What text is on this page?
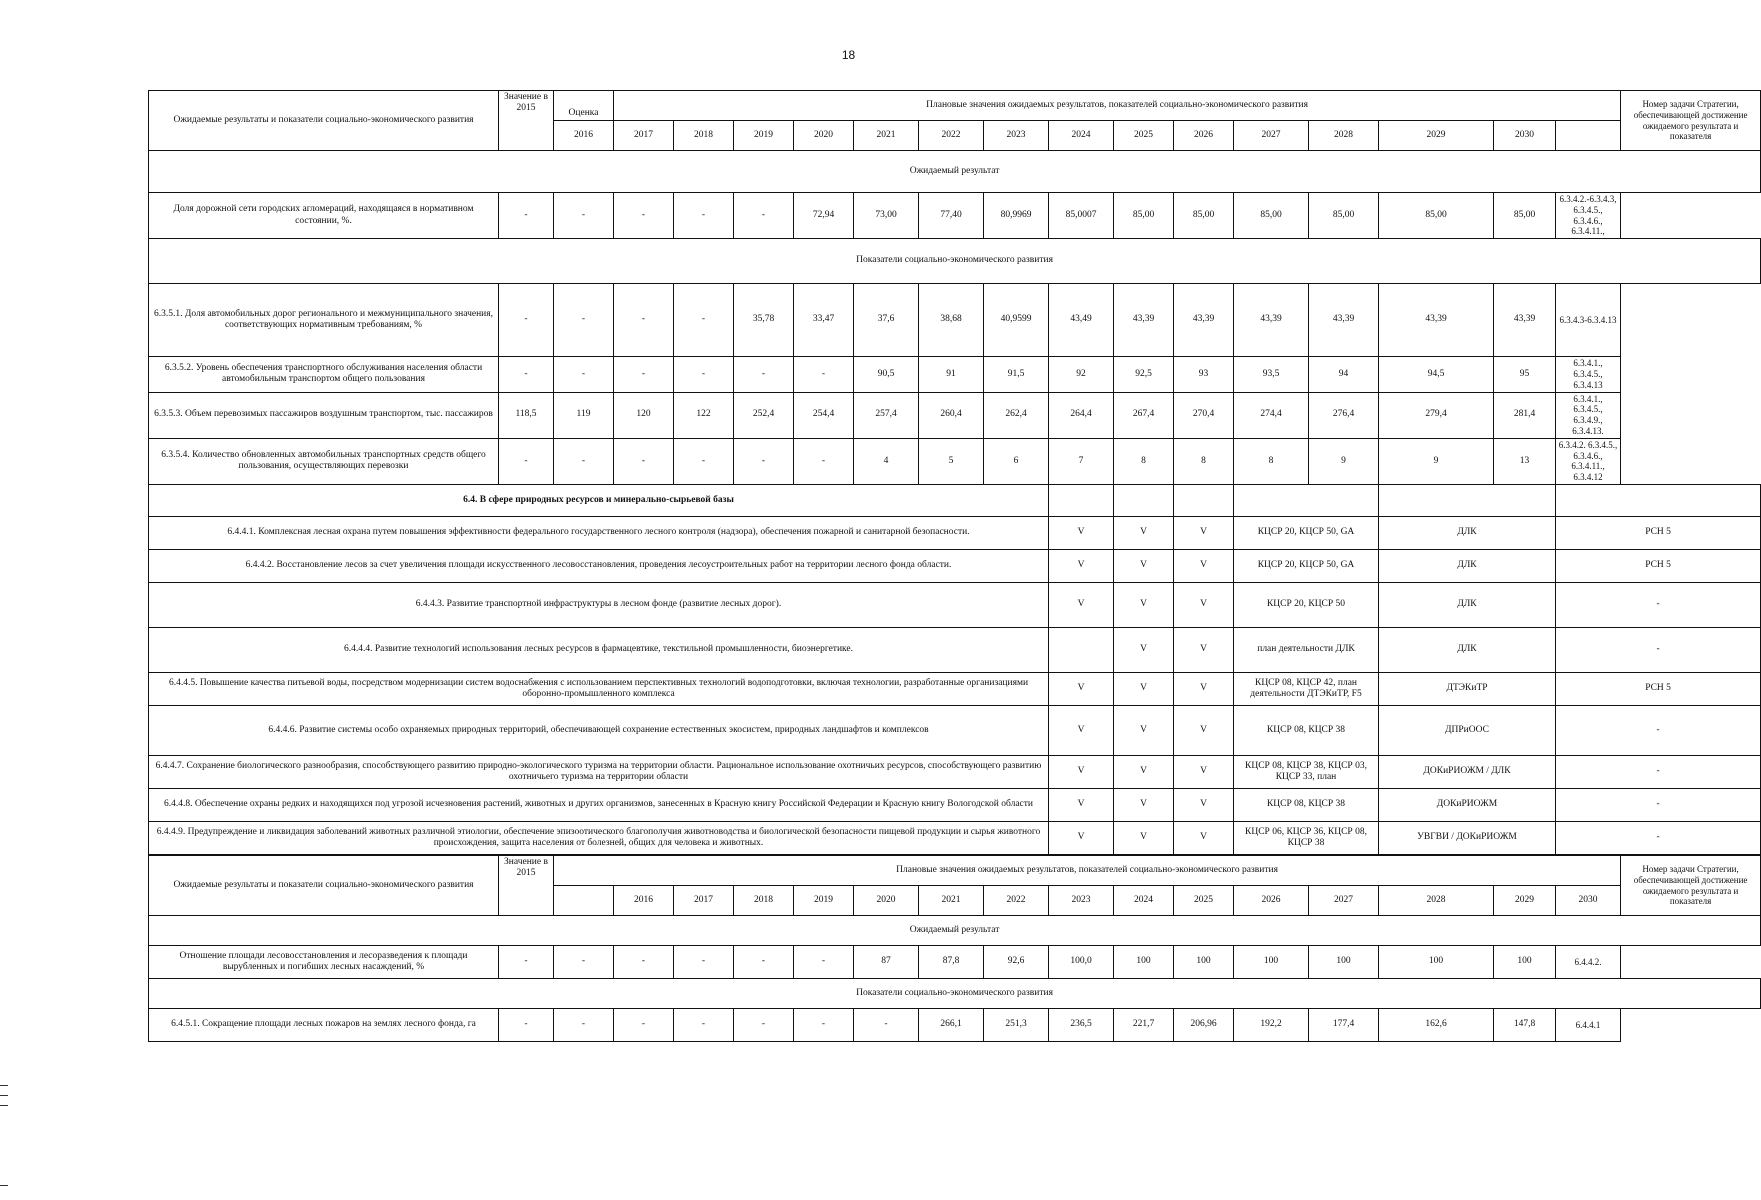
18
Ожидаемые результаты и показатели социально-экономического развития	Значение в 2015	Оценка	Плановые значения ожидаемых результатов, показателей социально-экономического развития															Номер задачи Стратегии, обеспечивающей достижение ожидаемого результата и показателя
		2016	2017	2018	2019	2020	2021	2022	2023	2024	2025	2026	2027	2028	2029	2030		
Ожидаемый результат																		
Доля дорожной сети городских агломераций, находящаяся в нормативном состоянии, %.	-	-	-	-	-	72,94	73,00	77,40	80,9969	85,0007	85,00	85,00	85,00	85,00	85,00	85,00	6.3.4.2.-6.3.4.3, 6.3.4.5., 6.3.4.6., 6.3.4.11.,	
Показатели социально-экономического развития																		
6.3.5.1. Доля автомобильных дорог регионального и межмуниципального значения, соответствующих нормативным требованиям, %	-	-	-	-	35,78	33,47	37,6	38,68	40,9599	43,49	43,39	43,39	43,39	43,39	43,39	43,39	6.3.4.3-6.3.4.13	
6.3.5.2. Уровень обеспечения транспортного обслуживания населения области автомобильным транспортом общего пользования	-	-	-	-	-	-	90,5	91	91,5	92	92,5	93	93,5	94	94,5	95	6.3.4.1., 6.3.4.5., 6.3.4.13	
6.3.5.3. Объем перевозимых пассажиров воздушным транспортом, тыс. пассажиров	118,5	119	120	122	252,4	254,4	257,4	260,4	262,4	264,4	267,4	270,4	274,4	276,4	279,4	281,4	6.3.4.1., 6.3.4.5., 6.3.4.9., 6.3.4.13.	
6.3.5.4. Количество обновленных автомобильных транспортных средств общего пользования, осуществляющих перевозки	-	-	-	-	-	-	4	5	6	7	8	8	8	9	9	13	6.3.4.2. 6.3.4.5., 6.3.4.6., 6.3.4.11., 6.3.4.12	
6.4. В сфере природных ресурсов и минерально-сырьевой базы																		
6.4.4.1. Комплексная лесная охрана путем повышения эффективности федерального государственного лесного контроля (надзора), обеспечения пожарной и санитарной безопасности.										V	V	V	КЦСР 20, КЦСР 50, GA		ДЛК		РСН 5	
6.4.4.2. Восстановление лесов за счет увеличения площади искусственного лесовосстановления, проведения лесоустроительных работ на территории лесного фонда области.										V	V	V	КЦСР 20, КЦСР 50, GA		ДЛК		РСН 5	
6.4.4.3. Развитие транспортной инфраструктуры в лесном фонде (развитие лесных дорог).										V	V	V	КЦСР 20, КЦСР 50		ДЛК		-	
6.4.4.4. Развитие технологий использования лесных ресурсов в фармацевтике, текстильной промышленности, биоэнергетике.											V	V	план деятельности ДЛК		ДЛК		-	
6.4.4.5. Повышение качества питьевой воды, посредством модернизации систем водоснабжения с использованием перспективных технологий водоподготовки, включая технологии, разработанные организациями оборонно-промышленного комплекса										V	V	V	КЦСР 08, КЦСР 42, план деятельности ДТЭКиТР, F5		ДТЭКиТР		РСН 5	
6.4.4.6. Развитие системы особо охраняемых природных территорий, обеспечивающей сохранение естественных экосистем, природных ландшафтов и комплексов										V	V	V	КЦСР 08, КЦСР 38		ДПРиООС		-	
6.4.4.7. Сохранение биологического разнообразия, способствующего развитию природно-экологического туризма на территории области. Рациональное использование охотничьих ресурсов, способствующего развитию охотничьего туризма на территории области										V	V	V	КЦСР 08, КЦСР 38, КЦСР 03, КЦСР 33, план		ДОКиРИОЖМ / ДЛК		-	
6.4.4.8. Обеспечение охраны редких и находящихся под угрозой исчезновения растений, животных и других организмов, занесенных в Красную книгу Российской Федерации и Красную книгу Вологодской области										V	V	V	КЦСР 08, КЦСР 38		ДОКиРИОЖМ		-	
6.4.4.9. Предупреждение и ликвидация заболеваний животных различной этиологии, обеспечение эпизоотического благополучия животноводства и биологической безопасности пищевой продукции и сырья животного происхождения, защита населения от болезней, общих для человека и животных.										V	V	V	КЦСР 06, КЦСР 36, КЦСР 08, КЦСР 38		УВГВИ / ДОКиРИОЖМ		-	
Ожидаемые результаты и показатели социально-экономического развития	Значение в 2015	Плановые значения ожидаемых результатов, показателей социально-экономического развития																Номер задачи Стратегии, обеспечивающей достижение ожидаемого результата и показателя
			2016	2017	2018	2019	2020	2021	2022	2023	2024	2025	2026	2027	2028	2029	2030	
Ожидаемый результат																		
Отношение площади лесовосстановления и лесоразведения к площади вырубленных и погибших лесных насаждений, %	-	-	-	-	-	-	87	87,8	92,6	100,0	100	100	100	100	100	100	6.4.4.2.	
Показатели социально-экономического развития																		
6.4.5.1. Сокращение площади лесных пожаров на землях лесного фонда, га	-	-	-	-	-	-	-	266,1	251,3	236,5	221,7	206,96	192,2	177,4	162,6	147,8	6.4.4.1	
